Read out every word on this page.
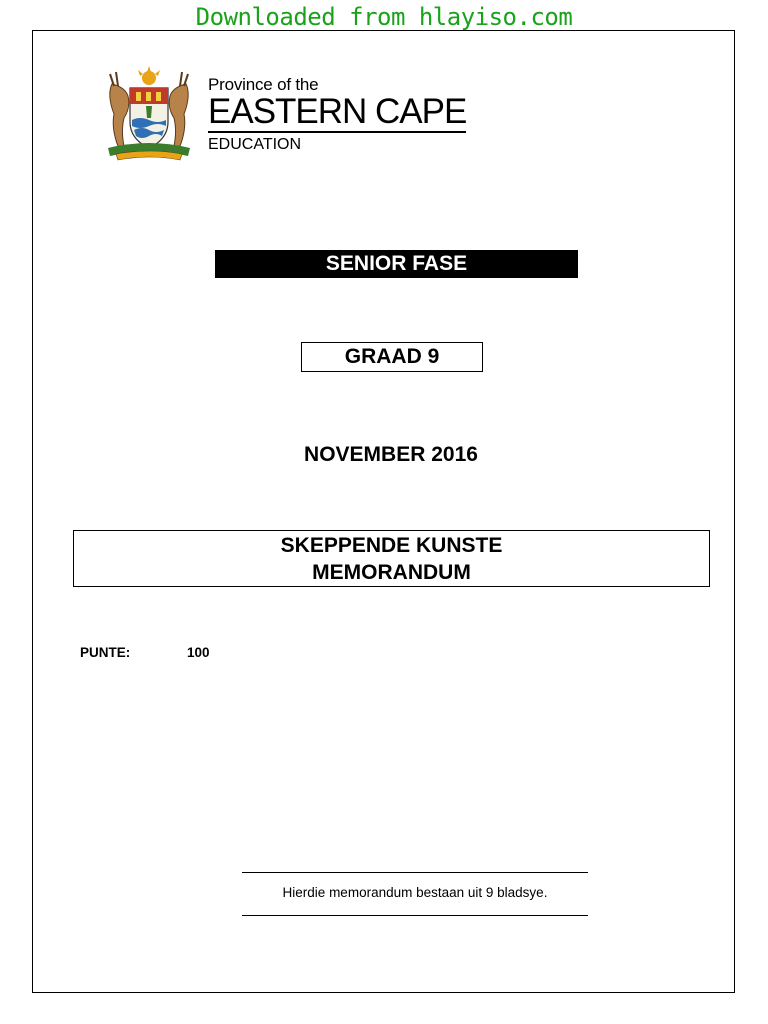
Downloaded from hlayiso.com
Province of the
EASTERN CAPE
EDUCATION
SENIOR FASE
GRAAD 9
NOVEMBER 2016
SKEPPENDE KUNSTE
MEMORANDUM
PUNTE:	100
Hierdie memorandum bestaan uit 9 bladsye.
